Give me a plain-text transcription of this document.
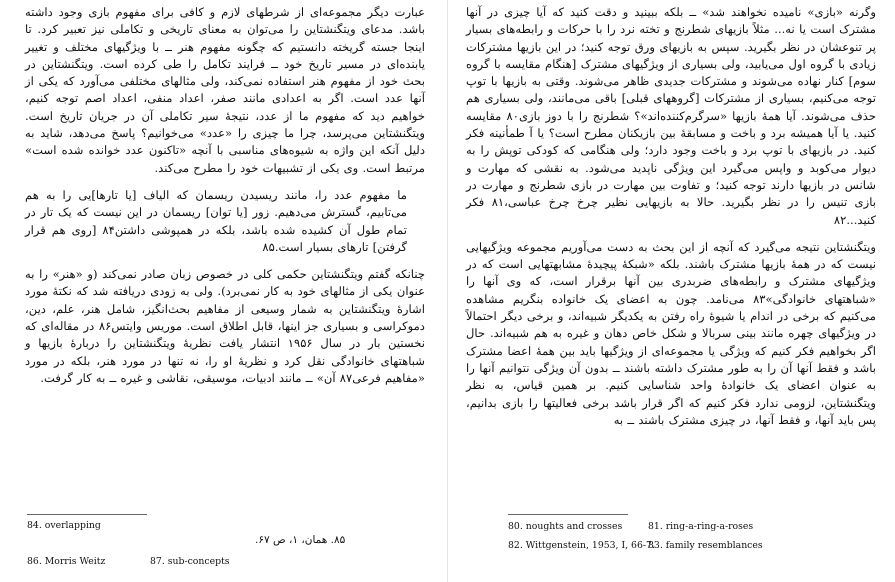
عبارت دیگر مجموعه‌ای از شرطهای لازم و کافی برای مفهوم بازی وجود داشته باشد. مدعای ویتگنشتاین را می‌توان به معنای تاریخی و تکاملی نیز تعبیر کرد. تا اینجا جسته گریخته دانستیم که چگونه مفهوم هنر ــ با ویژگیهای مختلف و تغییر یابنده‌ای در مسیر تاریخ خود ــ فرایند تکامل را طی کرده است. ویتگنشتاین در بحث خود از مفهوم هنر استفاده نمی‌کند، ولی مثالهای مختلفی می‌آورد که یکی از آنها عدد است. اگر به اعدادی مانند صفر، اعداد منفی، اعداد اصم توجه کنیم، خواهیم دید که مفهوم ما از عدد، نتیجهٔ سیر تکاملی آن در جریان تاریخ است. ویتگنشتاین می‌پرسد، چرا ما چیزی را «عدد» می‌خوانیم؟ پاسخ می‌دهد، شاید به دلیل آنکه این واژه به شیوه‌های مناسبی با آنچه «تاکنون عدد خوانده شده است» مرتبط است. وی یکی از تشبیهات خود را مطرح می‌کند.

ما مفهوم عدد را، مانند ریسیدن ریسمان که الیاف [یا تارها]یی را به هم می‌تابیم، گسترش می‌دهیم. زور [یا توان] ریسمان در این نیست که یک تار در تمام طول آن کشیده شده باشد، بلکه در همپوشی داشتن۸۴ [روی هم قرار گرفتن] تارهای بسیار است.۸۵

چنانکه گفتم ویتگنشتاین حکمی کلی در خصوص زبان صادر نمی‌کند (و «هنر» را به عنوان یکی از مثالهای خود به کار نمی‌برد). ولی به زودی دریافته شد که نکتهٔ مورد اشارهٔ ویتگنشتاین به شمار وسیعی از مفاهیم بحث‌انگیز، شامل هنر، علم، دین، دموکراسی و بسیاری جز اینها، قابل اطلاق است. موریس وایتس۸۶ در مقاله‌ای که نخستین بار در سال ۱۹۵۶ انتشار یافت نظریهٔ ویتگنشتاین را دربارهٔ بازیها و شباهتهای خانوادگی نقل کرد و نظریهٔ او را، نه تنها در مورد هنر، بلکه در مورد «مفاهیم فرعی۸۷ آن» ــ مانند ادبیات، موسیقی، نقاشی و غیره ــ به کار گرفت.

84. overlapping
۸۵. همان، ۱، ص ۶۷.
86. Morris Weitz	87. sub-concepts

وگرنه «بازی» نامیده نخواهند شد» ــ بلکه ببینید و دقت کنید که آیا چیزی در آنها مشترک است یا نه... مثلاً بازیهای شطرنج و تخته نرد را با حرکات و رابطه‌های بسیار پر تنوعشان در نظر بگیرید. سپس به بازیهای ورق توجه کنید؛ در این بازیها مشترکات زیادی با گروه اول می‌یابید، ولی بسیاری از ویژگیهای مشترک [هنگام مقایسه با گروه سوم] کنار نهاده می‌شوند و مشترکات جدیدی ظاهر می‌شوند. وقتی به بازیها با توپ توجه می‌کنیم، بسیاری از مشترکات [گروههای قبلی] باقی می‌مانند، ولی بسیاری هم حذف می‌شوند. آیا همهٔ بازیها «سرگرم‌کننده‌اند»؟ شطرنج را با دوز بازی۸۰ مقایسه کنید. یا آیا همیشه برد و باخت و مسابقهٔ بین بازیکنان مطرح است؟ یا آ طمأنینه فکر کنید. در بازیهای با توپ برد و باخت وجود دارد؛ ولی هنگامی که کودکی توپش را به دیوار می‌کوبد و واپس می‌گیرد این ویژگی ناپدید می‌شود. به نقشی که مهارت و شانس در بازیها دارند توجه کنید؛ و تفاوت بین مهارت در بازی شطرنج و مهارت در بازی تنیس را در نظر بگیرید. حالا به بازیهایی نظیر چرخ چرخ عباسی،۸۱ فکر کنید...۸۲

ویتگنشتاین نتیجه می‌گیرد که آنچه از این بحث به دست می‌آوریم مجموعه ویژگیهایی نیست که در همهٔ بازیها مشترک باشند. بلکه «شبکهٔ پیچیدهٔ مشابهتهایی است که در ویژگیهای مشترک و رابطه‌های ضربدری بین آنها برقرار است، که وی آنها را «شباهتهای خانوادگی»۸۳ می‌نامد. چون به اعضای یک خانواده بنگریم مشاهده می‌کنیم که برخی در اندام یا شیوهٔ راه رفتن به یکدیگر شبیه‌اند، و برخی دیگر احتمالاً در ویژگیهای چهره مانند بینی سربالا و شکل خاص دهان و غیره به هم شبیه‌اند. حال اگر بخواهیم فکر کنیم که ویژگی یا مجموعه‌ای از ویژگیها باید بین همهٔ اعضا مشترک باشد و فقط آنها آن را به طور مشترک داشته باشند ــ بدون آن ویژگی نتوانیم آنها را به عنوان اعضای یک خانوادهٔ واحد شناسایی کنیم. بر همین قیاس، به نظر ویتگنشتاین، لزومی ندارد فکر کنیم که اگر قرار باشد برخی فعالیتها را بازی بدانیم، پس باید آنها، و فقط آنها، در چیزی مشترک باشند ــ به

80. noughts and crosses	81. ring-a-ring-a-roses
82. Wittgenstein, 1953, I, 66-7.
83. family resemblances
